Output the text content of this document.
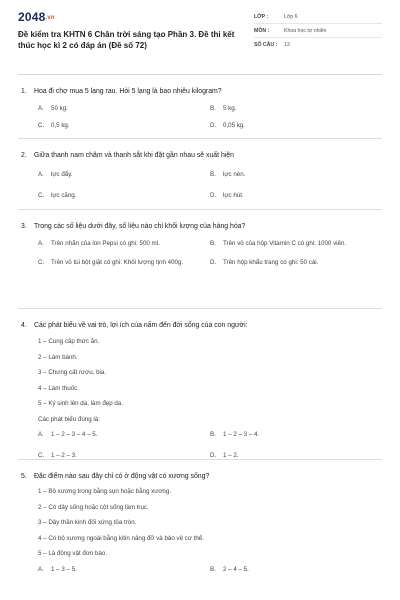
2048.vn
Đề kiểm tra KHTN 6 Chân trời sáng tạo Phần 3. Đề thi kết thúc học kì 2 có đáp án (Đề số 72)
LỚP :	Lớp 6
MÔN :	Khoa học tự nhiên
SỐ CÂU :	13
1.	Hoa đi chợ mua 5 lạng rau. Hỏi 5 lạng là bao nhiêu kilogram?
A.	50 kg.	B.	5 kg.
C.	0,5 kg.	D.	0,05 kg.
2.	Giữa thanh nam châm và thanh sắt khi đặt gần nhau sẽ xuất hiện
A.	lực đẩy.	B.	lực nén.
C.	lực căng.	D.	lực hút.
3.	Trong các số liệu dưới đây, số liệu nào chỉ khối lượng của hàng hóa?
A.	Trên nhãn của lon Pepsi có ghi: 500 ml.	B.	Trên vỏ của hộp Vitamin C có ghi: 1000 viên.
C.	Trên vỏ túi bột giặt có ghi: Khối lượng tịnh 400g.	D.	Trên hộp khẩu trang có ghi: 50 cái.
4.	Các phát biểu về vai trò, lợi ích của nấm đến đời sống của con người:
1 – Cung cấp thức ăn.
2 – Làm bánh.
3 – Chưng cất rượu, bia.
4 – Làm thuốc.
5 – Ký sinh lên da, làm đẹp da.
Các phát biểu đúng là:
A.	1 – 2 – 3 – 4 – 5.	B.	1 – 2 – 3 – 4.
C.	1 – 2 – 3.	D.	1 – 2.
5.	Đặc điểm nào sau đây chỉ có ở động vật có xương sống?
1 – Bộ xương trong bằng sụn hoặc bằng xương.
2 – Có dây sống hoặc cột sống làm trục.
3 – Dây thần kinh đối xứng tỏa tròn.
4 – Có bộ xương ngoài bằng kitin nâng đỡ và bảo vệ cơ thể.
5 – Là động vật đơn bào.
A.	1 – 3 – 5.	B.	2 – 4 – 5.
